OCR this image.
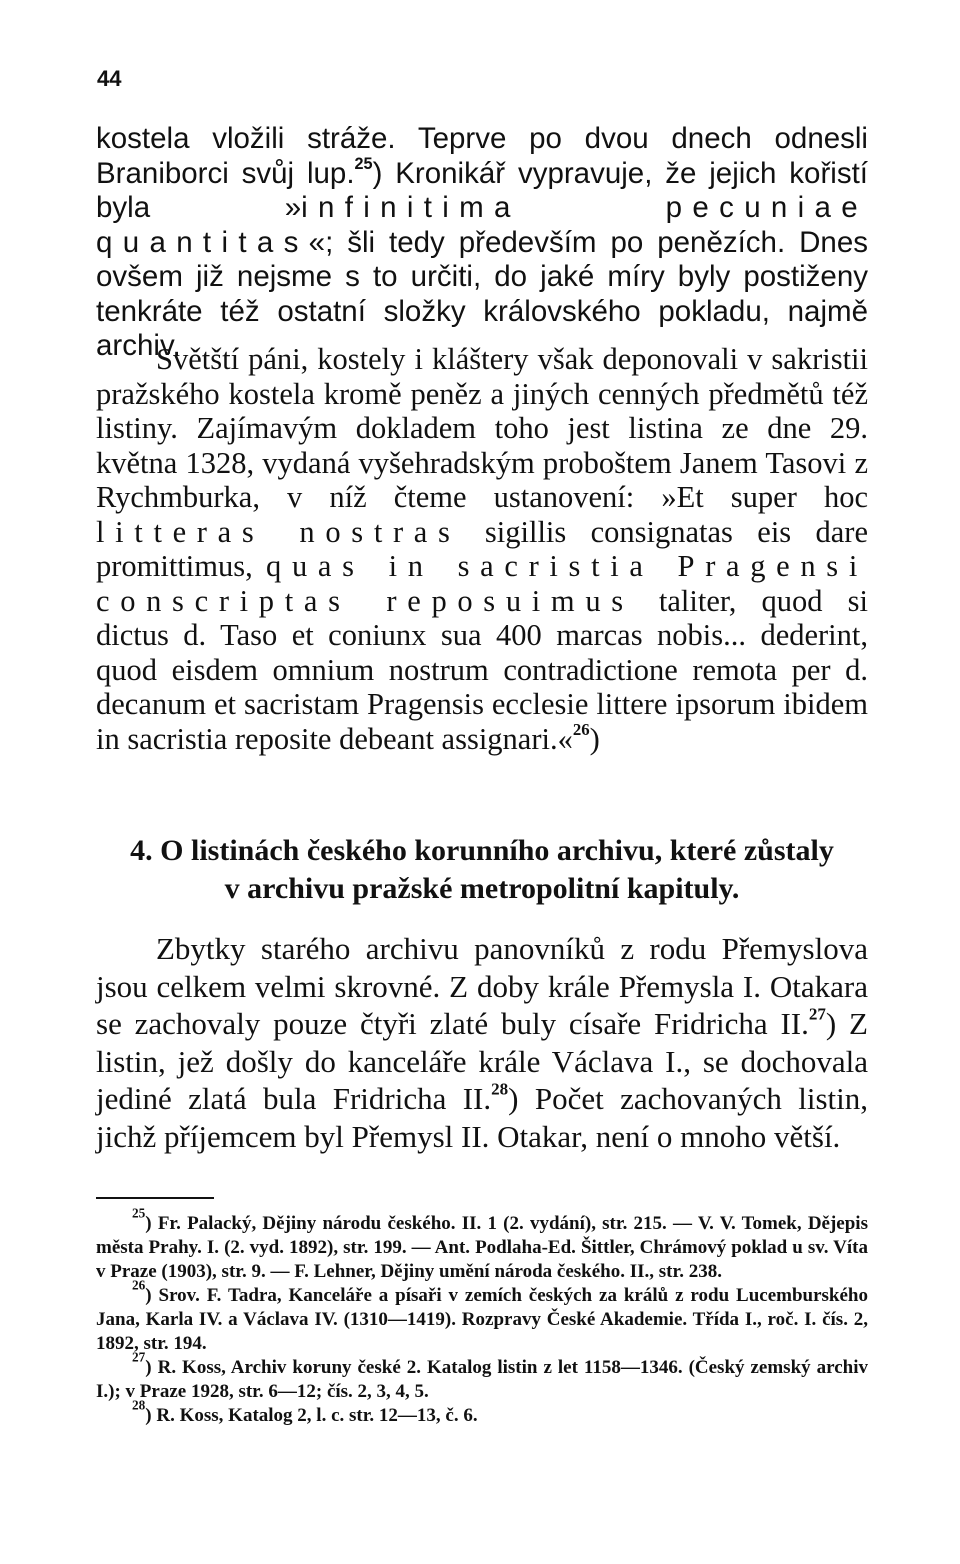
44

kostela vložili stráže. Teprve po dvou dnech odnesli Braniborci svůj lup.$^{25}$) Kronikář vypravuje, že jejich kořistí byla »infinitima pecuniae quantitas«; šli tedy především po penězích. Dnes ovšem již nejsme s to určiti, do jaké míry byly postiženy tenkráte též ostatní složky královského pokladu, najmě archiv.

Světští páni, kostely i kláštery však deponovali v sakristii pražského kostela kromě peněz a jiných cenných předmětů též listiny. Zajímavým dokladem toho jest listina ze dne 29. května 1328, vydaná vyšehradským proboštem Janem Tasovi z Rychmburka, v níž čteme ustanovení: »Et super hoc litteras nostras sigillis consignatas eis dare promittimus, quas in sacristia Pragensi conscriptas reposuimus taliter, quod si dictus d. Taso et coniunx sua 400 marcas nobis... dederint, quod eisdem omnium nostrum contradictione remota per d. decanum et sacristam Pragensis ecclesie littere ipsorum ibidem in sacristia reposite debeant assignari.«$^{26}$)

4. O listinách českého korunního archivu, které zůstaly
v archivu pražské metropolitní kapituly.

Zbytky starého archivu panovníků z rodu Přemyslova jsou celkem velmi skrovné. Z doby krále Přemysla I. Otakara se zachovaly pouze čtyři zlaté buly císaře Fridricha II.$^{27}$) Z listin, jež došly do kanceláře krále Václava I., se dochovala jediné zlatá bula Fridricha II.$^{28}$) Počet zachovaných listin, jichž příjemcem byl Přemysl II. Otakar, není o mnoho větší.

$^{25}$) Fr. Palacký, Dějiny národu českého. II. 1 (2. vydání), str. 215. — V. V. Tomek, Dějepis města Prahy. I. (2. vyd. 1892), str. 199. — Ant. Podlaha-Ed. Šittler, Chrámový poklad u sv. Víta v Praze (1903), str. 9. — F. Lehner, Dějiny umění národa českého. II., str. 238.

$^{26}$) Srov. F. Tadra, Kanceláře a písaři v zemích českých za králů z rodu Lucemburského Jana, Karla IV. a Václava IV. (1310—1419). Rozpravy České Akademie. Třída I., roč. I. čís. 2, 1892, str. 194.

$^{27}$) R. Koss, Archiv koruny české 2. Katalog listin z let 1158—1346. (Český zemský archiv I.); v Praze 1928, str. 6—12; čís. 2, 3, 4, 5.

$^{28}$) R. Koss, Katalog 2, l. c. str. 12—13, č. 6.
